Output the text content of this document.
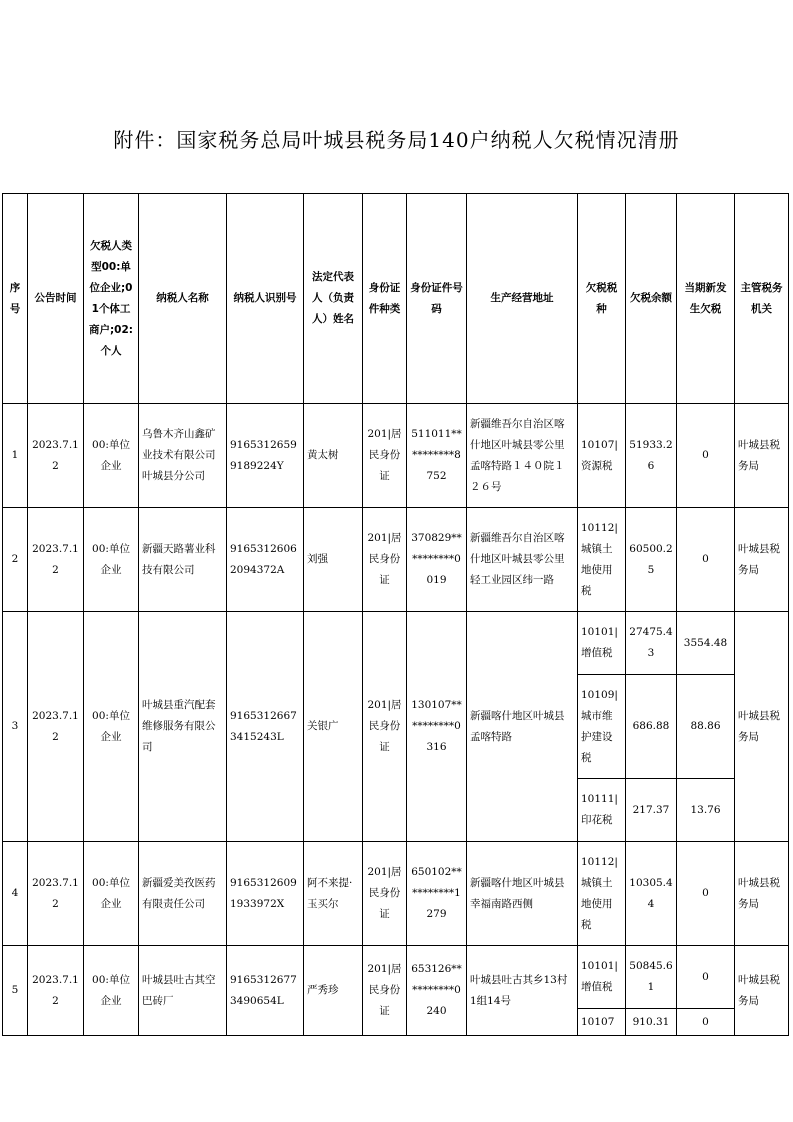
附件：国家税务总局叶城县税务局140户纳税人欠税情况清册
序号	公告时间	欠税人类型00:单位企业;01个体工商户;02:个人	纳税人名称	纳税人识别号	法定代表人（负责人）姓名	身份证件种类	身份证件号码	生产经营地址	欠税税种	欠税余额	当期新发生欠税	主管税务机关
1	2023.7.12	00:单位企业	乌鲁木齐山鑫矿业技术有限公司叶城县分公司	91653126599189224Y	黄太树	201|居民身份证	511011**********8752	新疆维吾尔自治区喀什地区叶城县零公里孟喀特路１４０院１２６号	10107|资源税	51933.26	0	叶城县税务局
2	2023.7.12	00:单位企业	新疆天路薯业科技有限公司	91653126062094372A	刘强	201|居民身份证	370829**********0019	新疆维吾尔自治区喀什地区叶城县零公里轻工业园区纬一路	10112|城镇土地使用税	60500.25	0	叶城县税务局
3	2023.7.12	00:单位企业	叶城县重汽配套维修服务有限公司	91653126673415243L	关银广	201|居民身份证	130107**********0316	新疆喀什地区叶城县孟喀特路	10101|增值税	27475.43	3554.48	叶城县税务局
									10109|城市维护建设税	686.88	88.86	
									10111|印花税	217.37	13.76	
4	2023.7.12	00:单位企业	新疆爱美孜医药有限责任公司	91653126091933972X	阿不来提·玉买尔	201|居民身份证	650102**********1279	新疆喀什地区叶城县幸福南路西侧	10112|城镇土地使用税	10305.44	0	叶城县税务局
5	2023.7.12	00:单位企业	叶城县吐古其空巴砖厂	91653126773490654L	严秀珍	201|居民身份证	653126**********0240	叶城县吐古其乡13村1组14号	10101|增值税	50845.61	0	叶城县税务局
									10107	910.31	0	
